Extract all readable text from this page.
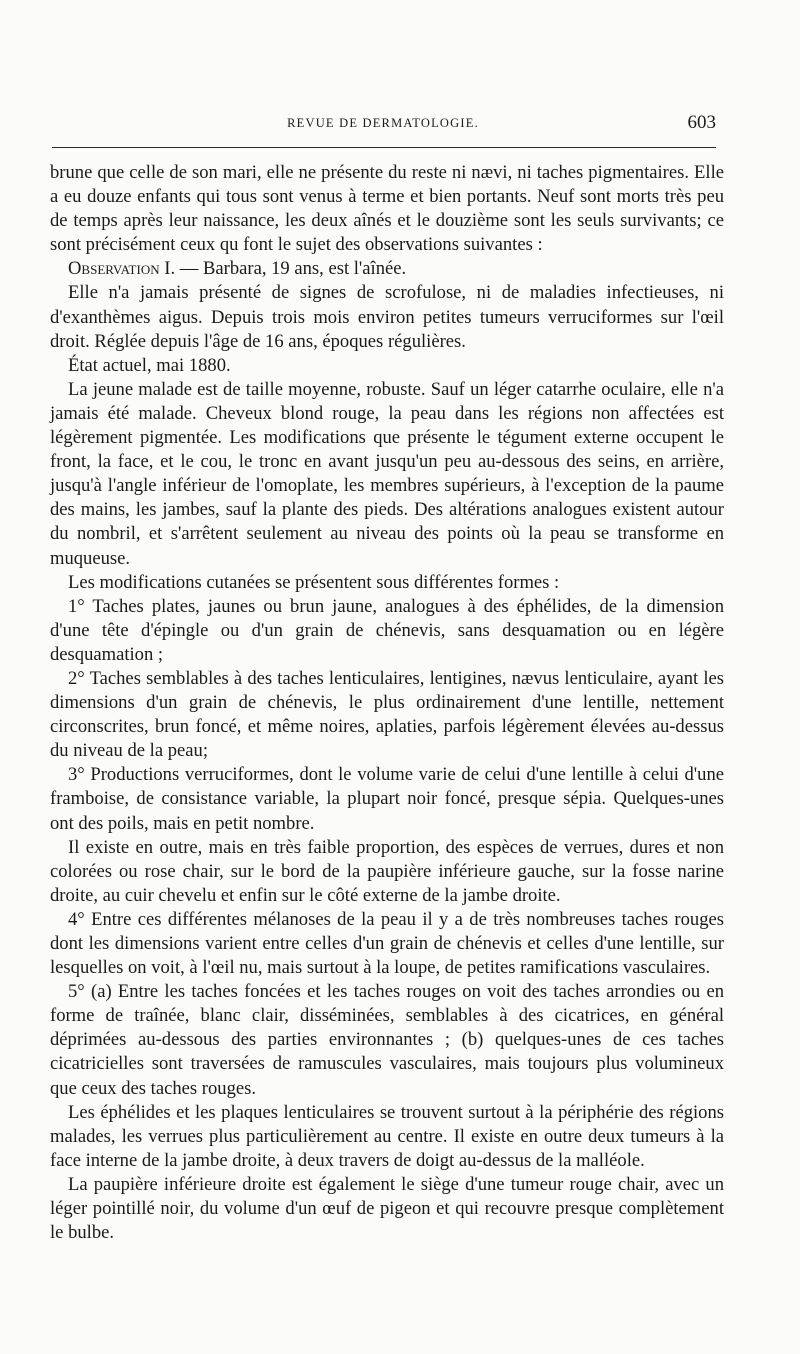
REVUE DE DERMATOLOGIE.	603

brune que celle de son mari, elle ne présente du reste ni nævi, ni taches pigmentaires. Elle a eu douze enfants qui tous sont venus à terme et bien portants. Neuf sont morts très peu de temps après leur naissance, les deux aînés et le douzième sont les seuls survivants; ce sont précisément ceux qu font le sujet des observations suivantes :

Observation I. — Barbara, 19 ans, est l'aînée.

Elle n'a jamais présenté de signes de scrofulose, ni de maladies infectieuses, ni d'exanthèmes aigus. Depuis trois mois environ petites tumeurs verruciformes sur l'œil droit. Réglée depuis l'âge de 16 ans, époques régulières.

État actuel, mai 1880.

La jeune malade est de taille moyenne, robuste. Sauf un léger catarrhe oculaire, elle n'a jamais été malade. Cheveux blond rouge, la peau dans les régions non affectées est légèrement pigmentée. Les modifications que présente le tégument externe occupent le front, la face, et le cou, le tronc en avant jusqu'un peu au-dessous des seins, en arrière, jusqu'à l'angle inférieur de l'omoplate, les membres supérieurs, à l'exception de la paume des mains, les jambes, sauf la plante des pieds. Des altérations analogues existent autour du nombril, et s'arrêtent seulement au niveau des points où la peau se transforme en muqueuse.

Les modifications cutanées se présentent sous différentes formes :

1° Taches plates, jaunes ou brun jaune, analogues à des éphélides, de la dimension d'une tête d'épingle ou d'un grain de chénevis, sans desquamation ou en légère desquamation ;

2° Taches semblables à des taches lenticulaires, lentigines, nævus lenticulaire, ayant les dimensions d'un grain de chénevis, le plus ordinairement d'une lentille, nettement circonscrites, brun foncé, et même noires, aplaties, parfois légèrement élevées au-dessus du niveau de la peau;

3° Productions verruciformes, dont le volume varie de celui d'une lentille à celui d'une framboise, de consistance variable, la plupart noir foncé, presque sépia. Quelques-unes ont des poils, mais en petit nombre.

Il existe en outre, mais en très faible proportion, des espèces de verrues, dures et non colorées ou rose chair, sur le bord de la paupière inférieure gauche, sur la fosse narine droite, au cuir chevelu et enfin sur le côté externe de la jambe droite.

4° Entre ces différentes mélanoses de la peau il y a de très nombreuses taches rouges dont les dimensions varient entre celles d'un grain de chénevis et celles d'une lentille, sur lesquelles on voit, à l'œil nu, mais surtout à la loupe, de petites ramifications vasculaires.

5° (a) Entre les taches foncées et les taches rouges on voit des taches arrondies ou en forme de traînée, blanc clair, disséminées, semblables à des cicatrices, en général déprimées au-dessous des parties environnantes ; (b) quelques-unes de ces taches cicatricielles sont traversées de ramuscules vasculaires, mais toujours plus volumineux que ceux des taches rouges.

Les éphélides et les plaques lenticulaires se trouvent surtout à la périphérie des régions malades, les verrues plus particulièrement au centre. Il existe en outre deux tumeurs à la face interne de la jambe droite, à deux travers de doigt au-dessus de la malléole.

La paupière inférieure droite est également le siège d'une tumeur rouge chair, avec un léger pointillé noir, du volume d'un œuf de pigeon et qui recouvre presque complètement le bulbe.
